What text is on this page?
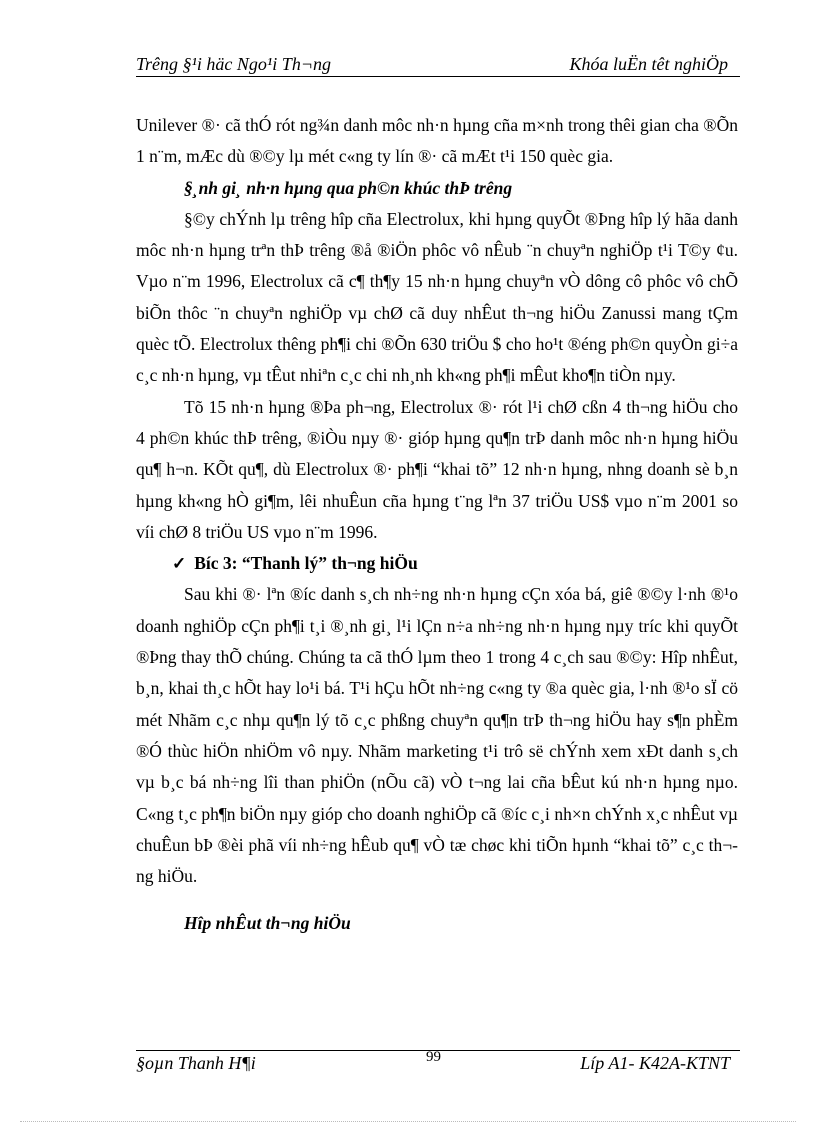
Trêng §¹i häc Ngo¹i Th¬ng	Khóa luËn têt nghiÖp

Unilever ®· cã thÓ rót ng¾n danh môc nh·n hµng cña m×nh trong thêi gian cha ®Õn 1 n¨m, mÆc dù ®©y lµ mét c«ng ty lín ®· cã mÆt t¹i 150 quèc gia.

§¸nh gi¸ nh·n hµng qua ph©n khúc thÞ trêng

§©y chÝnh lµ trêng hîp cña Electrolux, khi hµng quyÕt ®Þng hîp lý hãa danh môc nh·n hµng trªn thÞ trêng ®å ®iÖn phôc vô nÊub ¨n chuyªn nghiÖp t¹i T©y ¢u. Vµo n¨m 1996, Electrolux cã c¶ th¶y 15 nh·n hµng chuyªn vÒ dông cô phôc vô chÕ biÕn thôc ¨n chuyªn nghiÖp vµ chØ cã duy nhÊut th¬ng hiÖu Zanussi mang tÇm quèc tÕ. Electrolux thêng ph¶i chi ®Õn 630 triÖu $ cho ho¹t ®éng ph©n quyÒn gi÷a c¸c nh·n hµng, vµ tÊut nhiªn c¸c chi nh¸nh kh«ng ph¶i mÊut kho¶n tiÒn nµy.

Tõ 15 nh·n hµng ®Þa ph¬ng, Electrolux ®· rót l¹i chØ cßn 4 th¬ng hiÖu cho 4 ph©n khúc thÞ trêng, ®iÒu nµy ®· gióp hµng qu¶n trÞ danh môc nh·n hµng hiÖu qu¶ h¬n. KÕt qu¶, dù Electrolux ®· ph¶i “khai tõ” 12 nh·n hµng, nhng doanh sè b¸n hµng kh«ng hÒ gi¶m, lêi nhuÊun cña hµng t¨ng lªn 37 triÖu US$ vµo n¨m 2001 so víi chØ 8 triÖu US vµo n¨m 1996.

✓ Bíc 3: “Thanh lý” th¬ng hiÖu

Sau khi ®· lªn ®íc danh s¸ch nh÷ng nh·n hµng cÇn xóa bá, giê ®©y l·nh ®¹o doanh nghiÖp cÇn ph¶i t¸i ®¸nh gi¸ l¹i lÇn n÷a nh÷ng nh·n hµng nµy tríc khi quyÕt ®Þng thay thÕ chúng. Chúng ta cã thÓ lµm theo 1 trong 4 c¸ch sau ®©y: Hîp nhÊut, b¸n, khai th¸c hÕt hay lo¹i bá. T¹i hÇu hÕt nh÷ng c«ng ty ®a quèc gia, l·nh ®¹o sÏ cö mét Nhãm c¸c nhµ qu¶n lý tõ c¸c phßng chuyªn qu¶n trÞ th¬ng hiÖu hay s¶n phÈm ®Ó thùc hiÖn nhiÖm vô nµy. Nhãm marketing t¹i trô së chÝnh xem xÐt danh s¸ch vµ b¸c bá nh÷ng lîi than phiÖn (nÕu cã) vÒ t¬ng lai cña bÊut kú nh·n hµng nµo. C«ng t¸c ph¶n biÖn nµy gióp cho doanh nghiÖp cã ®íc c¸i nh×n chÝnh x¸c nhÊut vµ chuÊun bÞ ®èi phã víi nh÷ng hÊub qu¶ vÒ tæ chøc khi tiÕn hµnh “khai tõ” c¸c th¬ng hiÖu.

Hîp nhÊut th¬ng hiÖu

§oµn Thanh H¶i	99	Líp A1- K42A-KTNT
